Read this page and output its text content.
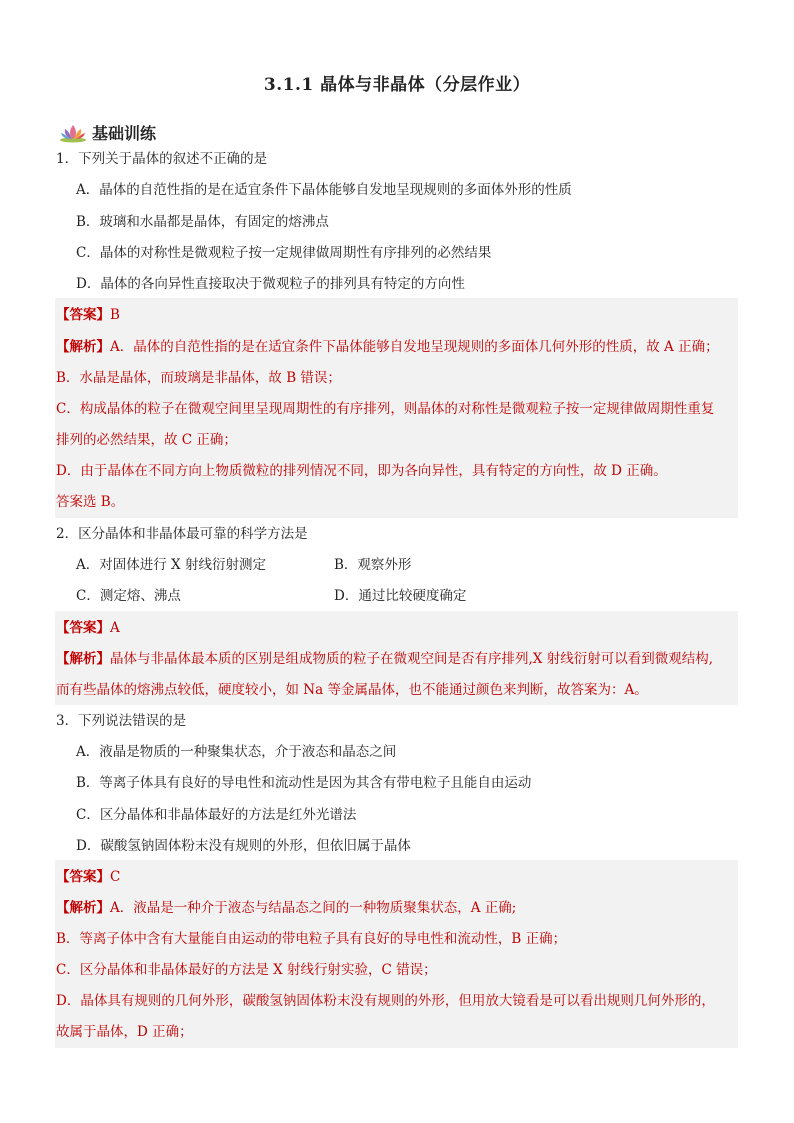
3.1.1 晶体与非晶体（分层作业）
基础训练
1．下列关于晶体的叙述不正确的是
A．晶体的自范性指的是在适宜条件下晶体能够自发地呈现规则的多面体外形的性质
B．玻璃和水晶都是晶体，有固定的熔沸点
C．晶体的对称性是微观粒子按一定规律做周期性有序排列的必然结果
D．晶体的各向异性直接取决于微观粒子的排列具有特定的方向性
【答案】B
【解析】A．晶体的自范性指的是在适宜条件下晶体能够自发地呈现规则的多面体几何外形的性质，故 A 正确；
B．水晶是晶体，而玻璃是非晶体，故 B 错误；
C．构成晶体的粒子在微观空间里呈现周期性的有序排列，则晶体的对称性是微观粒子按一定规律做周期性重复
排列的必然结果，故 C 正确；
D．由于晶体在不同方向上物质微粒的排列情况不同，即为各向异性，具有特定的方向性，故 D 正确。
答案选 B。
2．区分晶体和非晶体最可靠的科学方法是
A．对固体进行 X 射线衍射测定	B．观察外形
C．测定熔、沸点	D．通过比较硬度确定
【答案】A
【解析】晶体与非晶体最本质的区别是组成物质的粒子在微观空间是否有序排列,X 射线衍射可以看到微观结构,
而有些晶体的熔沸点较低，硬度较小，如 Na 等金属晶体，也不能通过颜色来判断，故答案为：A。
3．下列说法错误的是
A．液晶是物质的一种聚集状态，介于液态和晶态之间
B．等离子体具有良好的导电性和流动性是因为其含有带电粒子且能自由运动
C．区分晶体和非晶体最好的方法是红外光谱法
D．碳酸氢钠固体粉末没有规则的外形，但依旧属于晶体
【答案】C
【解析】A．液晶是一种介于液态与结晶态之间的一种物质聚集状态，A 正确;
B．等离子体中含有大量能自由运动的带电粒子具有良好的导电性和流动性，B 正确；
C．区分晶体和非晶体最好的方法是 X 射线行射实验，C 错误；
D．晶体具有规则的几何外形，碳酸氢钠固体粉末没有规则的外形，但用放大镜看是可以看出规则几何外形的，
故属于晶体，D 正确；
